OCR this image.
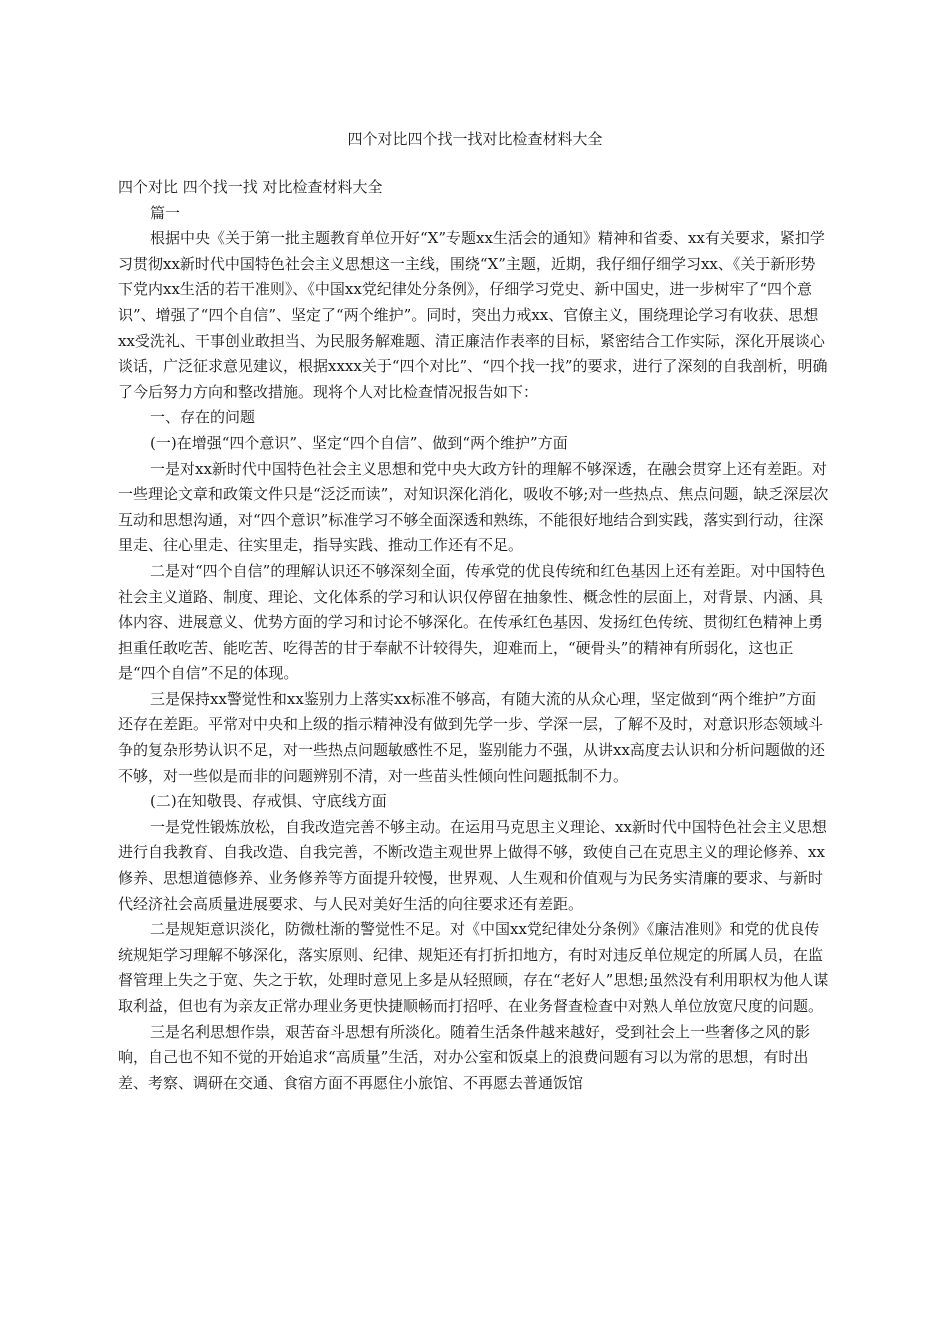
四个对比四个找一找对比检查材料大全

四个对比 四个找一找 对比检查材料大全

篇一

根据中央《关于第一批主题教育单位开好“X”专题xx生活会的通知》精神和省委、xx有关要求，紧扣学习贯彻xx新时代中国特色社会主义思想这一主线，围绕“X”主题，近期，我仔细仔细学习xx、《关于新形势下党内xx生活的若干准则》、《中国xx党纪律处分条例》，仔细学习党史、新中国史，进一步树牢了“四个意识”、增强了“四个自信”、坚定了“两个维护”。同时，突出力戒xx、官僚主义，围绕理论学习有收获、思想xx受洗礼、干事创业敢担当、为民服务解难题、清正廉洁作表率的目标，紧密结合工作实际，深化开展谈心谈话，广泛征求意见建议，根据xxxx关于“四个对比”、“四个找一找”的要求，进行了深刻的自我剖析，明确了今后努力方向和整改措施。现将个人对比检查情况报告如下：

一、存在的问题

(一)在增强“四个意识”、坚定“四个自信”、做到“两个维护”方面

一是对xx新时代中国特色社会主义思想和党中央大政方针的理解不够深透，在融会贯穿上还有差距。对一些理论文章和政策文件只是“泛泛而读”，对知识深化消化，吸收不够;对一些热点、焦点问题，缺乏深层次互动和思想沟通，对“四个意识”标准学习不够全面深透和熟练，不能很好地结合到实践，落实到行动，往深里走、往心里走、往实里走，指导实践、推动工作还有不足。

二是对“四个自信”的理解认识还不够深刻全面，传承党的优良传统和红色基因上还有差距。对中国特色社会主义道路、制度、理论、文化体系的学习和认识仅停留在抽象性、概念性的层面上，对背景、内涵、具体内容、进展意义、优势方面的学习和讨论不够深化。在传承红色基因、发扬红色传统、贯彻红色精神上勇担重任敢吃苦、能吃苦、吃得苦的甘于奉献不计较得失，迎难而上，“硬骨头”的精神有所弱化，这也正是“四个自信”不足的体现。

三是保持xx警觉性和xx鉴别力上落实xx标准不够高，有随大流的从众心理，坚定做到“两个维护”方面还存在差距。平常对中央和上级的指示精神没有做到先学一步、学深一层，了解不及时，对意识形态领域斗争的复杂形势认识不足，对一些热点问题敏感性不足，鉴别能力不强，从讲xx高度去认识和分析问题做的还不够，对一些似是而非的问题辨别不清，对一些苗头性倾向性问题抵制不力。

(二)在知敬畏、存戒惧、守底线方面

一是党性锻炼放松，自我改造完善不够主动。在运用马克思主义理论、xx新时代中国特色社会主义思想进行自我教育、自我改造、自我完善，不断改造主观世界上做得不够，致使自己在克思主义的理论修养、xx修养、思想道德修养、业务修养等方面提升较慢，世界观、人生观和价值观与为民务实清廉的要求、与新时代经济社会高质量进展要求、与人民对美好生活的向往要求还有差距。

二是规矩意识淡化，防微杜渐的警觉性不足。对《中国xx党纪律处分条例》《廉洁准则》和党的优良传统规矩学习理解不够深化，落实原则、纪律、规矩还有打折扣地方，有时对违反单位规定的所属人员，在监督管理上失之于宽、失之于软，处理时意见上多是从轻照顾，存在“老好人”思想;虽然没有利用职权为他人谋取利益，但也有为亲友正常办理业务更快捷顺畅而打招呼、在业务督查检查中对熟人单位放宽尺度的问题。

三是名利思想作祟，艰苦奋斗思想有所淡化。随着生活条件越来越好，受到社会上一些奢侈之风的影响，自己也不知不觉的开始追求“高质量”生活，对办公室和饭桌上的浪费问题有习以为常的思想，有时出差、考察、调研在交通、食宿方面不再愿住小旅馆、不再愿去普通饭馆
